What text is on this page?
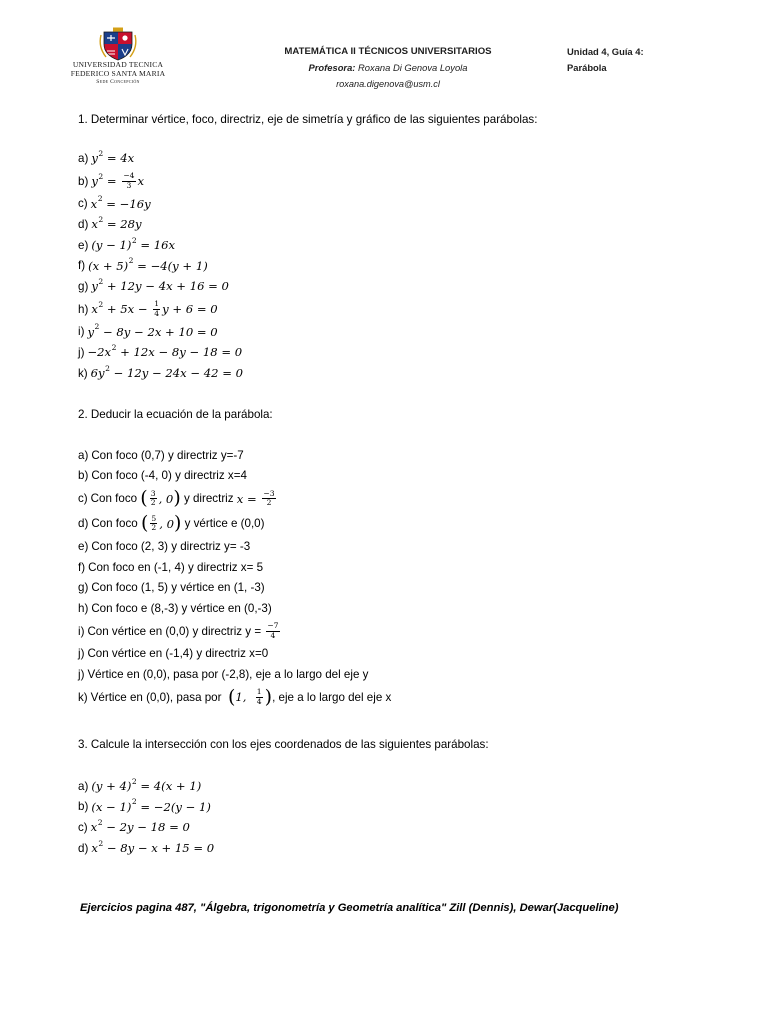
UNIVERSIDAD TECNICA
FEDERICO SANTA MARIA
Sede Concepción
MATEMÁTICA II TÉCNICOS UNIVERSITARIOS
Profesora: Roxana Di Genova Loyola
roxana.digenova@usm.cl
Unidad 4, Guía 4:
Parábola
1. Determinar vértice, foco, directriz, eje de simetría y gráfico de las siguientes parábolas:
a) y 2 = 4x
b) y $2 = \frac{-4}{3}$ x
c) x 2 = −16y
d) x 2 = 28y
e) (y − 1) 2 = 16x
f) (x + 5) 2 = −4(y + 1)
g) y 2 + 12y − 4x + 16 = 0
h) x $2 + 5x - \frac{1}{4}$ y + 6 = 0
i) y 2 − 8y − 2x + 10 = 0
j) −2x 2 + 12x − 8y − 18 = 0
k) 6y 2 − 12y − 24x − 42 = 0
2. Deducir la ecuación de la parábola:
a) Con foco (0,7) y directriz y=-7
b) Con foco (-4, 0) y directriz x=4
c) Con foco ( $\frac{3}{2}$ , 0 ) y directriz $x = \frac{-3}{2}$
d) Con foco ( $\frac{5}{2}$ , 0 ) y vértice e (0,0)
e) Con foco (2, 3) y directriz y= -3
f) Con foco en (-1, 4) y directriz x= 5
g) Con foco (1, 5) y vértice en (1, -3)
h) Con foco e (8,-3) y vértice en (0,-3)
i) Con vértice en (0,0) y directriz $y = \frac{-7}{4}$
j) Con vértice en (-1,4) y directriz x=0
j) Vértice en (0,0), pasa por (-2,8), eje a lo largo del eje y
k) Vértice en (0,0), pasa por ( 1, $\frac{1}{4}$ ) , eje a lo largo del eje x
3. Calcule la intersección con los ejes coordenados de las siguientes parábolas:
a) (y + 4) 2 = 4(x + 1)
b) (x − 1) 2 = −2(y − 1)
c) x 2 − 2y − 18 = 0
d) x 2 − 8y − x + 15 = 0
Ejercicios pagina 487, "Álgebra, trigonometría y Geometría analítica" Zill (Dennis), Dewar(Jacqueline)
